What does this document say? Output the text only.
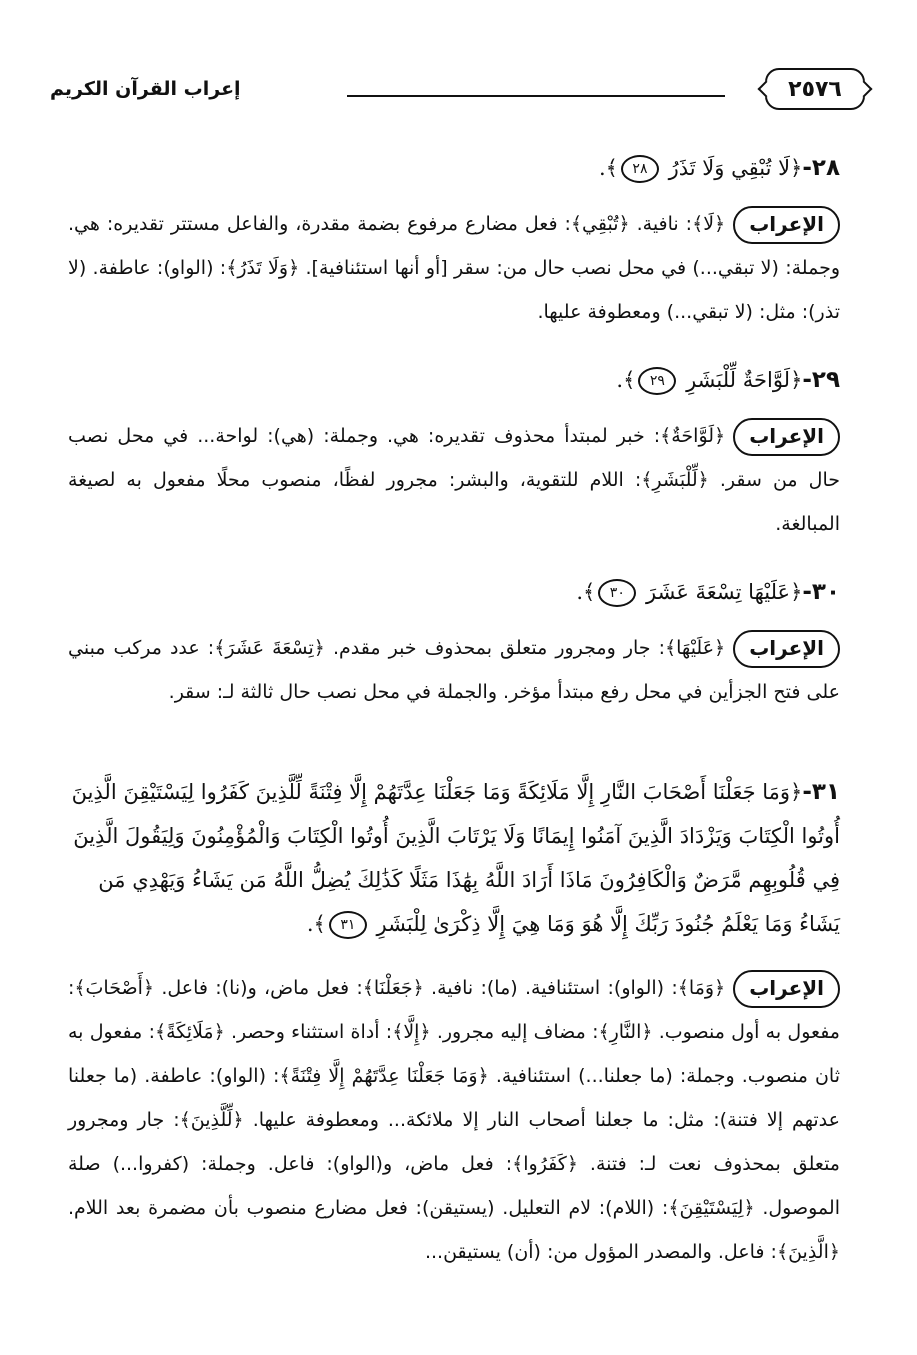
٢٥٧٦
إعراب القرآن الكريم
٢٨-﴿لَا تُبْقِي وَلَا تَذَرُ ٢٨﴾.
الإعراب﴿لَا﴾: نافية. ﴿تُبْقِي﴾: فعل مضارع مرفوع بضمة مقدرة، والفاعل مستتر تقديره: هي. وجملة: (لا تبقي...) في محل نصب حال من: سقر [أو أنها استئنافية]. ﴿وَلَا تَذَرُ﴾: (الواو): عاطفة. (لا تذر): مثل: (لا تبقي...) ومعطوفة عليها.
٢٩-﴿لَوَّاحَةٌ لِّلْبَشَرِ ٢٩﴾.
الإعراب﴿لَوَّاحَةٌ﴾: خبر لمبتدأ محذوف تقديره: هي. وجملة: (هي): لواحة... في محل نصب حال من سقر. ﴿لِّلْبَشَرِ﴾: اللام للتقوية، والبشر: مجرور لفظًا، منصوب محلًا مفعول به لصيغة المبالغة.
٣٠-﴿عَلَيْهَا تِسْعَةَ عَشَرَ ٣٠﴾.
الإعراب﴿عَلَيْهَا﴾: جار ومجرور متعلق بمحذوف خبر مقدم. ﴿تِسْعَةَ عَشَرَ﴾: عدد مركب مبني على فتح الجزأين في محل رفع مبتدأ مؤخر. والجملة في محل نصب حال ثالثة لـ: سقر.
٣١-﴿وَمَا جَعَلْنَا أَصْحَابَ النَّارِ إِلَّا مَلَائِكَةً وَمَا جَعَلْنَا عِدَّتَهُمْ إِلَّا فِتْنَةً لِّلَّذِينَ كَفَرُوا لِيَسْتَيْقِنَ الَّذِينَ أُوتُوا الْكِتَابَ وَيَزْدَادَ الَّذِينَ آمَنُوا إِيمَانًا وَلَا يَرْتَابَ الَّذِينَ أُوتُوا الْكِتَابَ وَالْمُؤْمِنُونَ وَلِيَقُولَ الَّذِينَ فِي قُلُوبِهِم مَّرَضٌ وَالْكَافِرُونَ مَاذَا أَرَادَ اللَّهُ بِهَٰذَا مَثَلًا كَذَٰلِكَ يُضِلُّ اللَّهُ مَن يَشَاءُ وَيَهْدِي مَن يَشَاءُ وَمَا يَعْلَمُ جُنُودَ رَبِّكَ إِلَّا هُوَ وَمَا هِيَ إِلَّا ذِكْرَىٰ لِلْبَشَرِ ٣١﴾.
الإعراب﴿وَمَا﴾: (الواو): استئنافية. (ما): نافية. ﴿جَعَلْنَا﴾: فعل ماض، و(نا): فاعل. ﴿أَصْحَابَ﴾: مفعول به أول منصوب. ﴿النَّارِ﴾: مضاف إليه مجرور. ﴿إِلَّا﴾: أداة استثناء وحصر. ﴿مَلَائِكَةً﴾: مفعول به ثان منصوب. وجملة: (ما جعلنا...) استئنافية. ﴿وَمَا جَعَلْنَا عِدَّتَهُمْ إِلَّا فِتْنَةً﴾: (الواو): عاطفة. (ما جعلنا عدتهم إلا فتنة): مثل: ما جعلنا أصحاب النار إلا ملائكة... ومعطوفة عليها. ﴿لِّلَّذِينَ﴾: جار ومجرور متعلق بمحذوف نعت لـ: فتنة. ﴿كَفَرُوا﴾: فعل ماض، و(الواو): فاعل. وجملة: (كفروا...) صلة الموصول. ﴿لِيَسْتَيْقِنَ﴾: (اللام): لام التعليل. (يستيقن): فعل مضارع منصوب بأن مضمرة بعد اللام. ﴿الَّذِينَ﴾: فاعل. والمصدر المؤول من: (أن) يستيقن...
